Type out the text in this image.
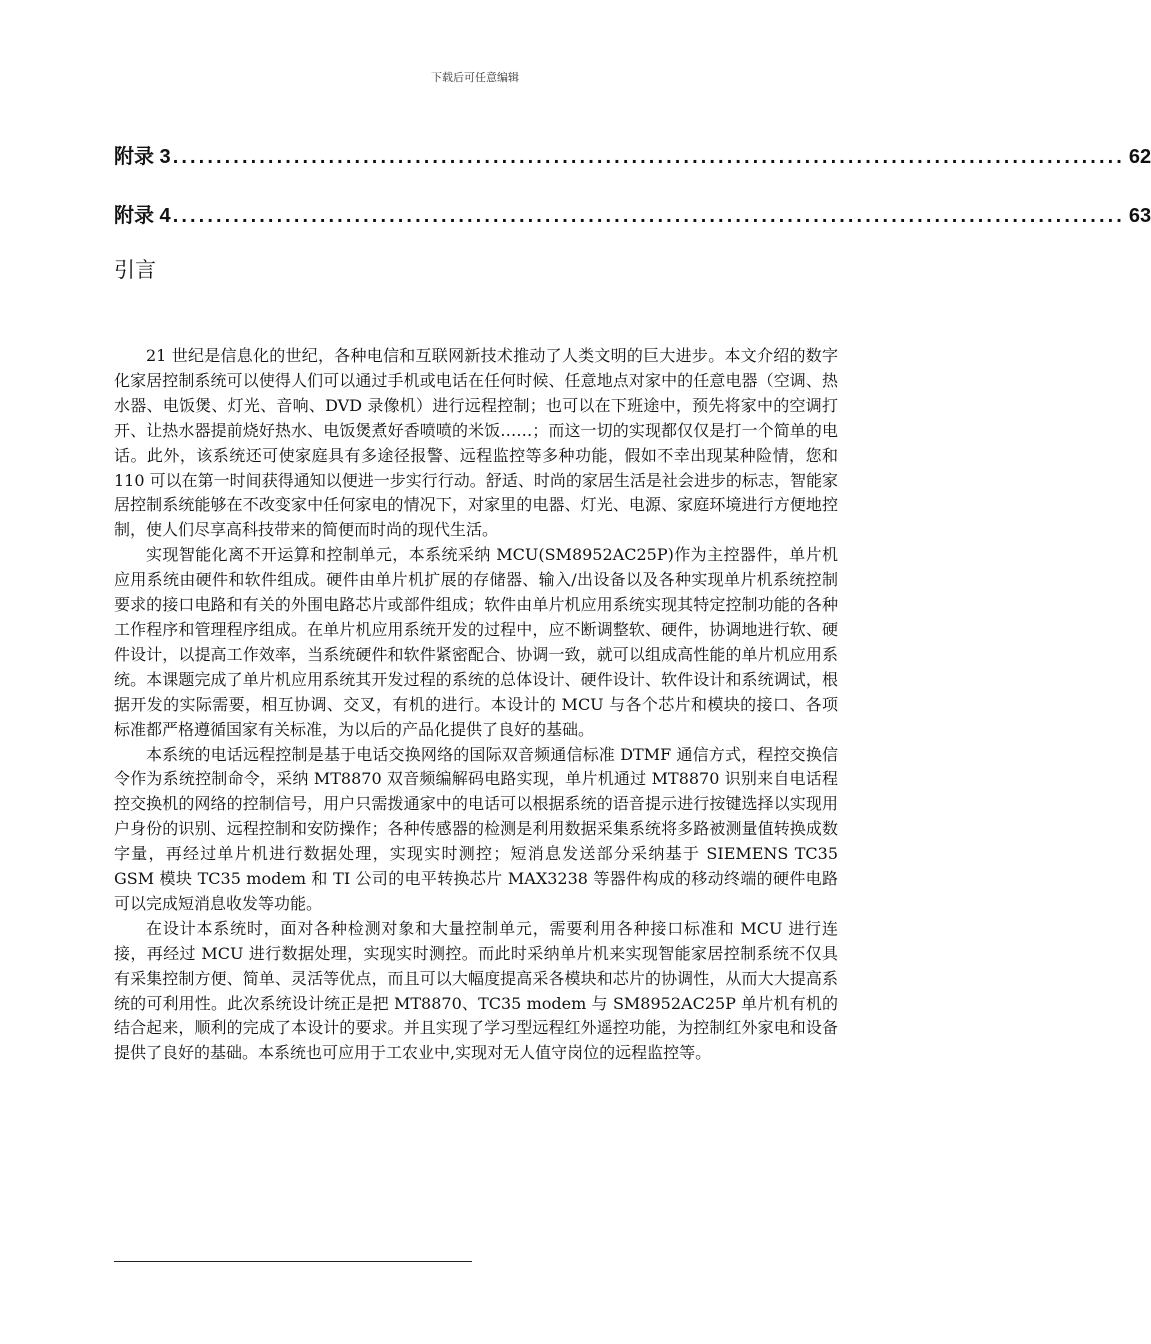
下载后可任意编辑
附录 3 .............................................................................................................. 62
附录 4 .............................................................................................................. 63
引言

21 世纪是信息化的世纪，各种电信和互联网新技术推动了人类文明的巨大进步。本文介绍的数字化家居控制系统可以使得人们可以通过手机或电话在任何时候、任意地点对家中的任意电器（空调、热水器、电饭煲、灯光、音响、DVD 录像机）进行远程控制；也可以在下班途中，预先将家中的空调打开、让热水器提前烧好热水、电饭煲煮好香喷喷的米饭……；而这一切的实现都仅仅是打一个简单的电话。此外，该系统还可使家庭具有多途径报警、远程监控等多种功能，假如不幸出现某种险情，您和 110 可以在第一时间获得通知以便进一步实行行动。舒适、时尚的家居生活是社会进步的标志，智能家居控制系统能够在不改变家中任何家电的情况下，对家里的电器、灯光、电源、家庭环境进行方便地控制，使人们尽享高科技带来的简便而时尚的现代生活。

实现智能化离不开运算和控制单元，本系统采纳 MCU(SM8952AC25P)作为主控器件，单片机应用系统由硬件和软件组成。硬件由单片机扩展的存储器、输入/出设备以及各种实现单片机系统控制要求的接口电路和有关的外围电路芯片或部件组成；软件由单片机应用系统实现其特定控制功能的各种工作程序和管理程序组成。在单片机应用系统开发的过程中，应不断调整软、硬件，协调地进行软、硬件设计，以提高工作效率，当系统硬件和软件紧密配合、协调一致，就可以组成高性能的单片机应用系统。本课题完成了单片机应用系统其开发过程的系统的总体设计、硬件设计、软件设计和系统调试，根据开发的实际需要，相互协调、交叉，有机的进行。本设计的 MCU 与各个芯片和模块的接口、各项标准都严格遵循国家有关标准，为以后的产品化提供了良好的基础。

本系统的电话远程控制是基于电话交换网络的国际双音频通信标准 DTMF 通信方式，程控交换信令作为系统控制命令，采纳 MT8870 双音频编解码电路实现，单片机通过 MT8870 识别来自电话程控交换机的网络的控制信号，用户只需拨通家中的电话可以根据系统的语音提示进行按键选择以实现用户身份的识别、远程控制和安防操作；各种传感器的检测是利用数据采集系统将多路被测量值转换成数字量，再经过单片机进行数据处理，实现实时测控；短消息发送部分采纳基于 SIEMENS TC35 GSM 模块 TC35 modem 和 TI 公司的电平转换芯片 MAX3238 等器件构成的移动终端的硬件电路可以完成短消息收发等功能。

在设计本系统时，面对各种检测对象和大量控制单元，需要利用各种接口标准和 MCU 进行连接，再经过 MCU 进行数据处理，实现实时测控。而此时采纳单片机来实现智能家居控制系统不仅具有采集控制方便、简单、灵活等优点，而且可以大幅度提高采各模块和芯片的协调性，从而大大提高系统的可利用性。此次系统设计统正是把 MT8870、TC35 modem 与 SM8952AC25P 单片机有机的结合起来，顺利的完成了本设计的要求。并且实现了学习型远程红外遥控功能，为控制红外家电和设备提供了良好的基础。本系统也可应用于工农业中,实现对无人值守岗位的远程监控等。
